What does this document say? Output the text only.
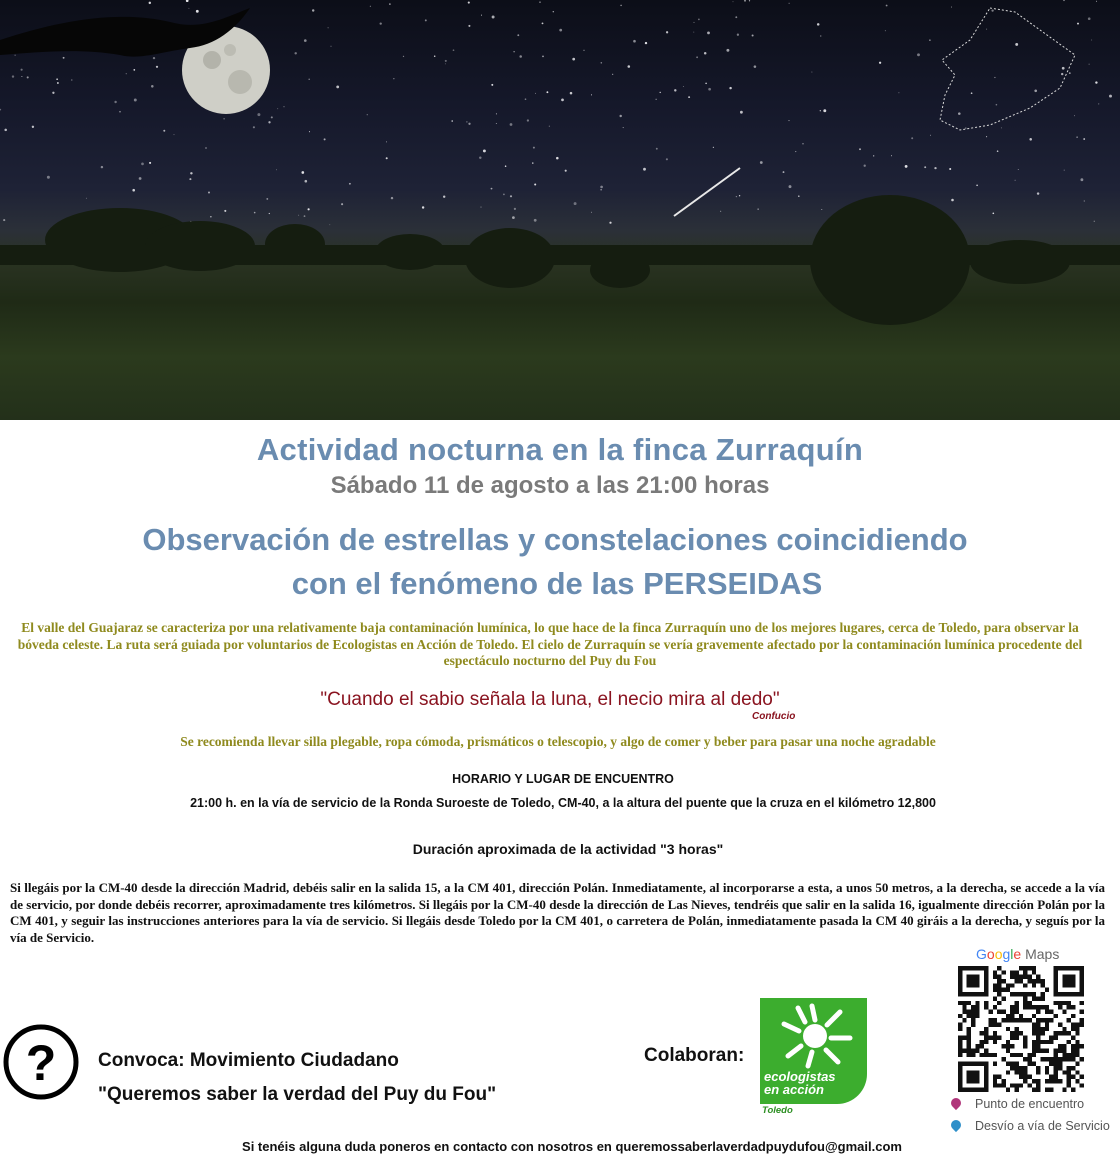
Actividad nocturna en la finca Zurraquín
Sábado 11 de agosto a las 21:00 horas
Observación de estrellas y constelaciones coincidiendo
con el fenómeno de las PERSEIDAS
El valle del Guajaraz se caracteriza por una relativamente baja contaminación lumínica, lo que hace de la finca Zurraquín uno de los mejores lugares, cerca de Toledo, para observar la bóveda celeste. La ruta será guiada por voluntarios de Ecologistas en Acción de Toledo. El cielo de Zurraquín se vería gravemente afectado por la contaminación lumínica procedente del espectáculo nocturno del Puy du Fou
"Cuando el sabio señala la luna, el necio mira al dedo"
Confucio
Se recomienda llevar silla plegable, ropa cómoda, prismáticos o telescopio, y algo de comer y beber para pasar una noche agradable
HORARIO Y LUGAR DE ENCUENTRO
21:00 h. en la vía de servicio de la Ronda Suroeste de Toledo, CM-40, a la altura del puente que la cruza en el kilómetro 12,800
Duración aproximada de la actividad "3 horas"
Si llegáis por la CM-40 desde la dirección Madrid, debéis salir en la salida 15, a la CM 401, dirección Polán. Inmediatamente, al incorporarse a esta, a unos 50 metros, a la derecha, se accede a la vía de servicio, por donde debéis recorrer, aproximadamente tres kilómetros. Si llegáis por la CM-40 desde la dirección de Las Nieves, tendréis que salir en la salida 16, igualmente dirección Polán por la CM 401, y seguir las instrucciones anteriores para la vía de servicio. Si llegáis desde Toledo por la CM 401, o carretera de Polán, inmediatamente pasada la CM 40 giráis a la derecha, y seguís por la vía de Servicio.
? Convoca: Movimiento Ciudadano
"Queremos saber la verdad del Puy du Fou"
Colaboran:
ecologistas
en acción
Toledo
Google Maps
Punto de encuentro
Desvío a vía de Servicio
Si tenéis alguna duda poneros en contacto con nosotros en queremossaberlaverdadpuydufou@gmail.com
